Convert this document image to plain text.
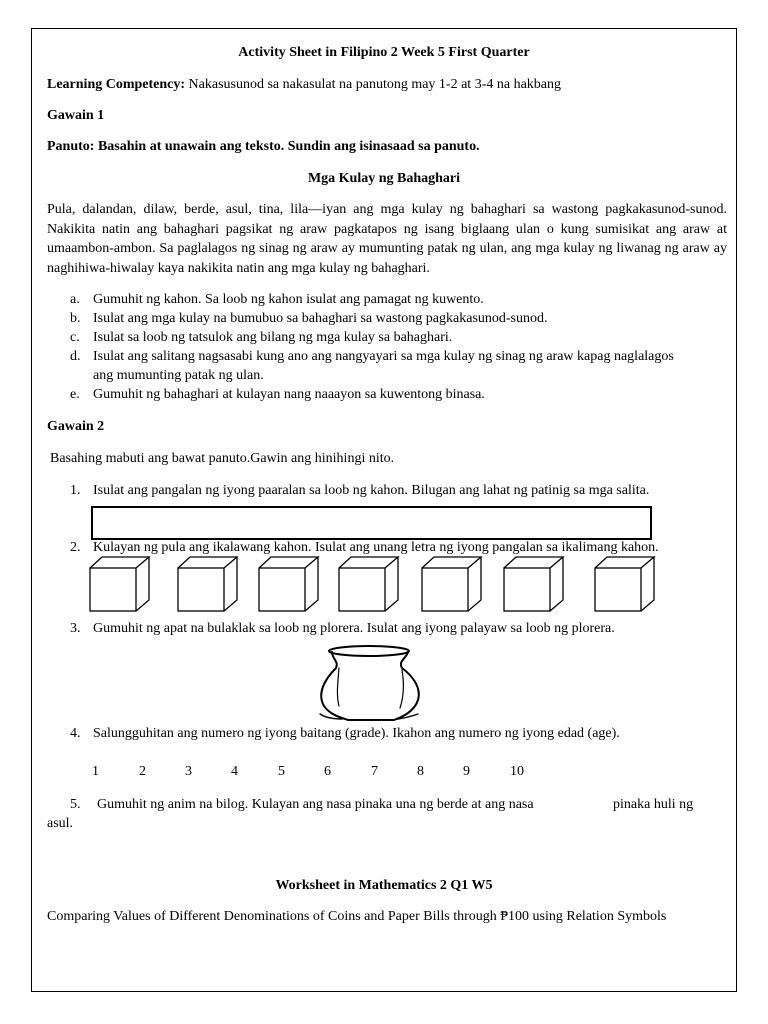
Activity Sheet in Filipino 2 Week 5 First Quarter
Learning Competency: Nakasusunod sa nakasulat na panutong may 1-2 at 3-4 na hakbang
Gawain 1
Panuto: Basahin at unawain ang teksto. Sundin ang isinasaad sa panuto.
Mga Kulay ng Bahaghari
Pula, dalandan, dilaw, berde, asul, tina, lila—iyan ang mga kulay ng bahaghari sa wastong pagkakasunod-sunod. Nakikita natin ang bahaghari pagsikat ng araw pagkatapos ng isang biglaang ulan o kung sumisikat ang araw at umaambon-ambon. Sa paglalagos ng sinag ng araw ay mumunting patak ng ulan, ang mga kulay ng liwanag ng araw ay naghihiwa-hiwalay kaya nakikita natin ang mga kulay ng bahaghari.
a. Gumuhit ng kahon. Sa loob ng kahon isulat ang pamagat ng kuwento.
b. Isulat ang mga kulay na bumubuo sa bahaghari sa wastong pagkakasunod-sunod.
c. Isulat sa loob ng tatsulok ang bilang ng mga kulay sa bahaghari.
d. Isulat ang salitang nagsasabi kung ano ang nangyayari sa mga kulay ng sinag ng araw kapag naglalagos ang mumunting patak ng ulan.
e. Gumuhit ng bahaghari at kulayan nang naaayon sa kuwentong binasa.
Gawain 2
Basahing mabuti ang bawat panuto.Gawin ang hinihingi nito.
1. Isulat ang pangalan ng iyong paaralan sa loob ng kahon. Bilugan ang lahat ng patinig sa mga salita.
2. Kulayan ng pula ang ikalawang kahon. Isulat ang unang letra ng iyong pangalan sa ikalimang kahon.
3. Gumuhit ng apat na bulaklak sa loob ng plorera. Isulat ang iyong palayaw sa loob ng plorera.
4. Salungguhitan ang numero ng iyong baitang (grade). Ikahon ang numero ng iyong edad (age).
1	2	3	4	5	6	7	8	9	10
5. Gumuhit ng anim na bilog. Kulayan ang nasa pinaka una ng berde at ang nasa	pinaka huli ng
asul.
Worksheet in Mathematics 2 Q1 W5
Comparing Values of Different Denominations of Coins and Paper Bills through ₱100 using Relation Symbols
